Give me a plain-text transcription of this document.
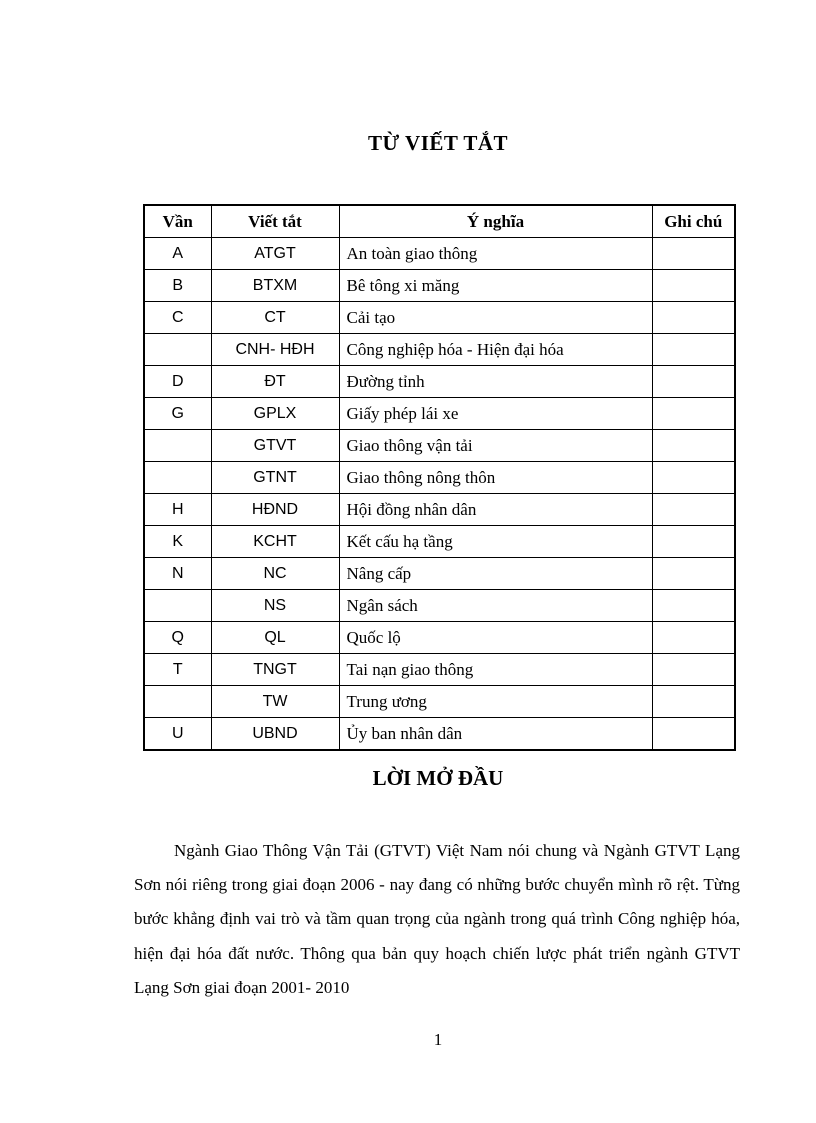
TỪ VIẾT TẮT
Vần	Viết tắt	Ý nghĩa	Ghi chú
A	ATGT	An toàn giao thông	
B	BTXM	Bê tông xi măng	
C	CT	Cải tạo	
	CNH- HĐH	Công nghiệp hóa - Hiện đại hóa	
D	ĐT	Đường tỉnh	
G	GPLX	Giấy phép lái xe	
	GTVT	Giao thông vận tải	
	GTNT	Giao thông nông thôn	
H	HĐND	Hội đồng nhân dân	
K	KCHT	Kết cấu hạ tầng	
N	NC	Nâng cấp	
	NS	Ngân sách	
Q	QL	Quốc lộ	
T	TNGT	Tai nạn giao thông	
	TW	Trung ương	
U	UBND	Ủy ban nhân dân	
LỜI MỞ ĐẦU

Ngành Giao Thông Vận Tải (GTVT) Việt Nam nói chung và Ngành GTVT Lạng Sơn nói riêng trong giai đoạn 2006 - nay đang có những bước chuyển mình rõ rệt. Từng bước khẳng định vai trò và tầm quan trọng của ngành trong quá trình Công nghiệp hóa, hiện đại hóa đất nước. Thông qua bản quy hoạch chiến lược phát triển ngành GTVT Lạng Sơn giai đoạn 2001- 2010

1
